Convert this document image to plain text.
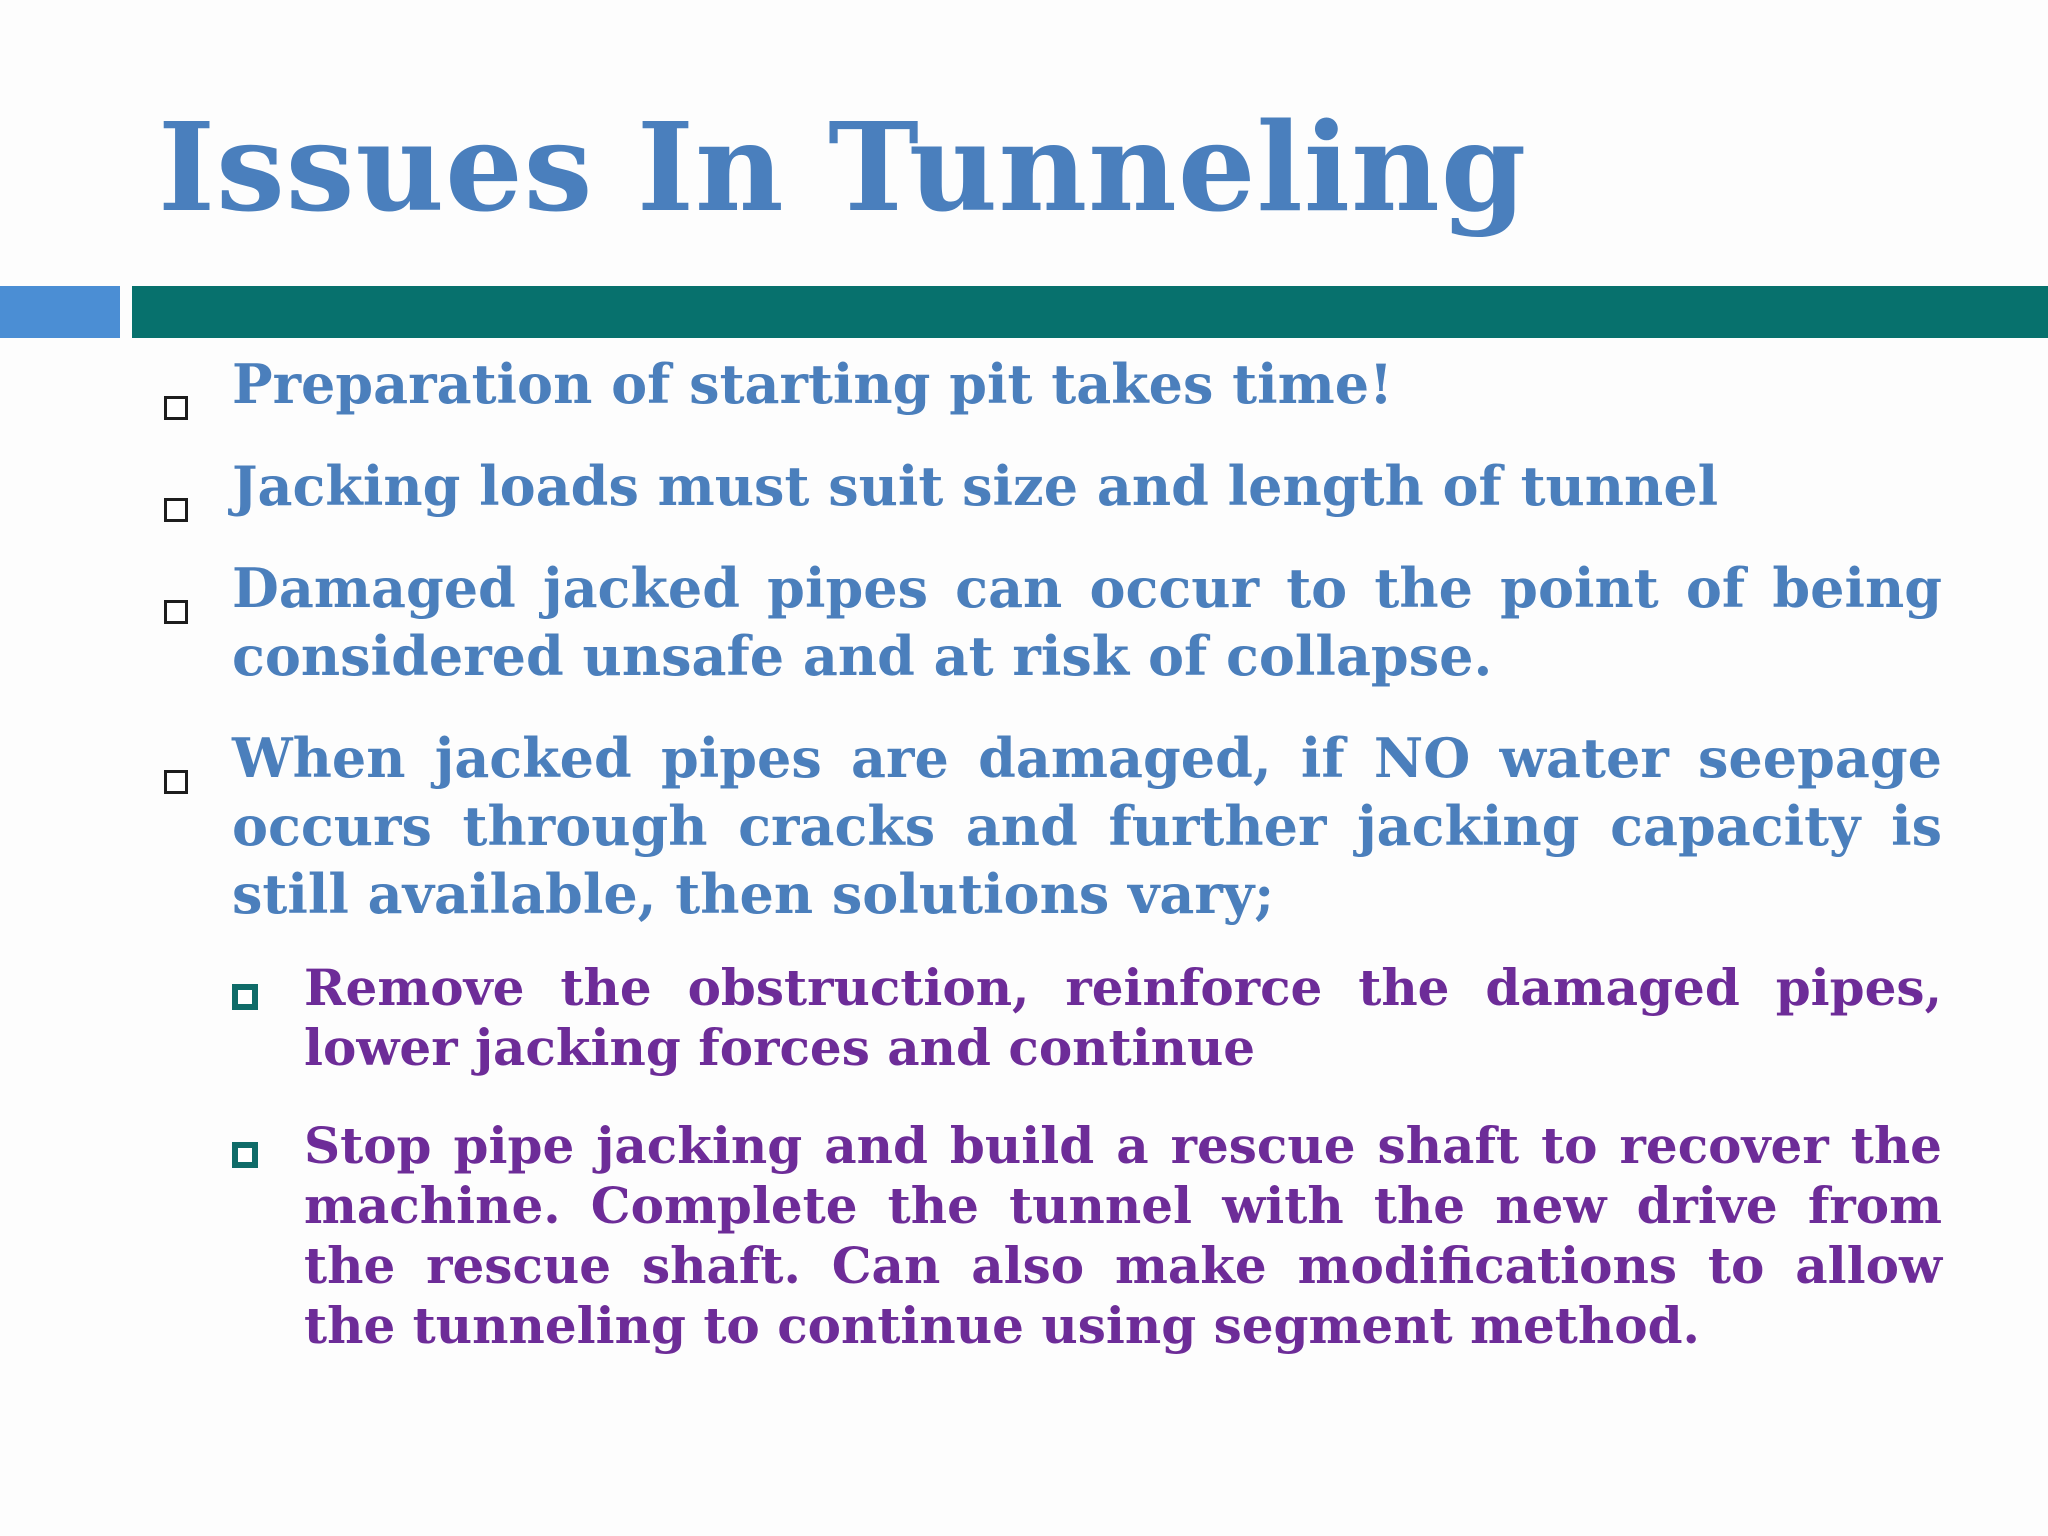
Issues In Tunneling
Preparation of starting pit takes time!
Jacking loads must suit size and length of tunnel
Damaged jacked pipes can occur to the point of being considered unsafe and at risk of collapse.
When jacked pipes are damaged, if NO water seepage occurs through cracks and further jacking capacity is still available, then solutions vary;
Remove the obstruction, reinforce the damaged pipes, lower jacking forces and continue
Stop pipe jacking and build a rescue shaft to recover the machine. Complete the tunnel with the new drive from the rescue shaft. Can also make modifications to allow the tunneling to continue using segment method.
